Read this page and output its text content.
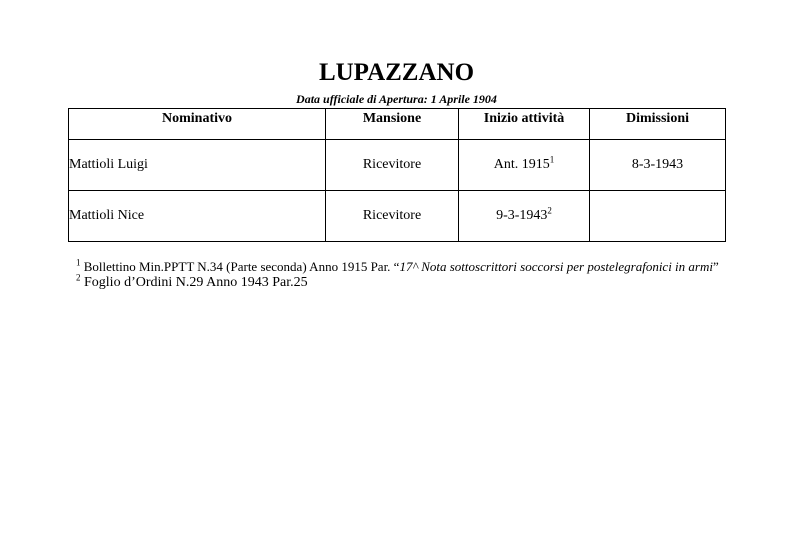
LUPAZZANO
Data ufficiale di Apertura: 1 Aprile 1904
Nominativo	Mansione	Inizio attività	Dimissioni
Mattioli Luigi	Ricevitore	Ant. 1915$^1$	8-3-1943
Mattioli Nice	Ricevitore	9-3-1943$^2$	
$^1$ Bollettino Min.PPTT N.34 (Parte seconda) Anno 1915 Par. “17^ Nota sottoscrittori soccorsi per postelegrafonici in armi”
$^2$ Foglio d’Ordini N.29 Anno 1943 Par.25
